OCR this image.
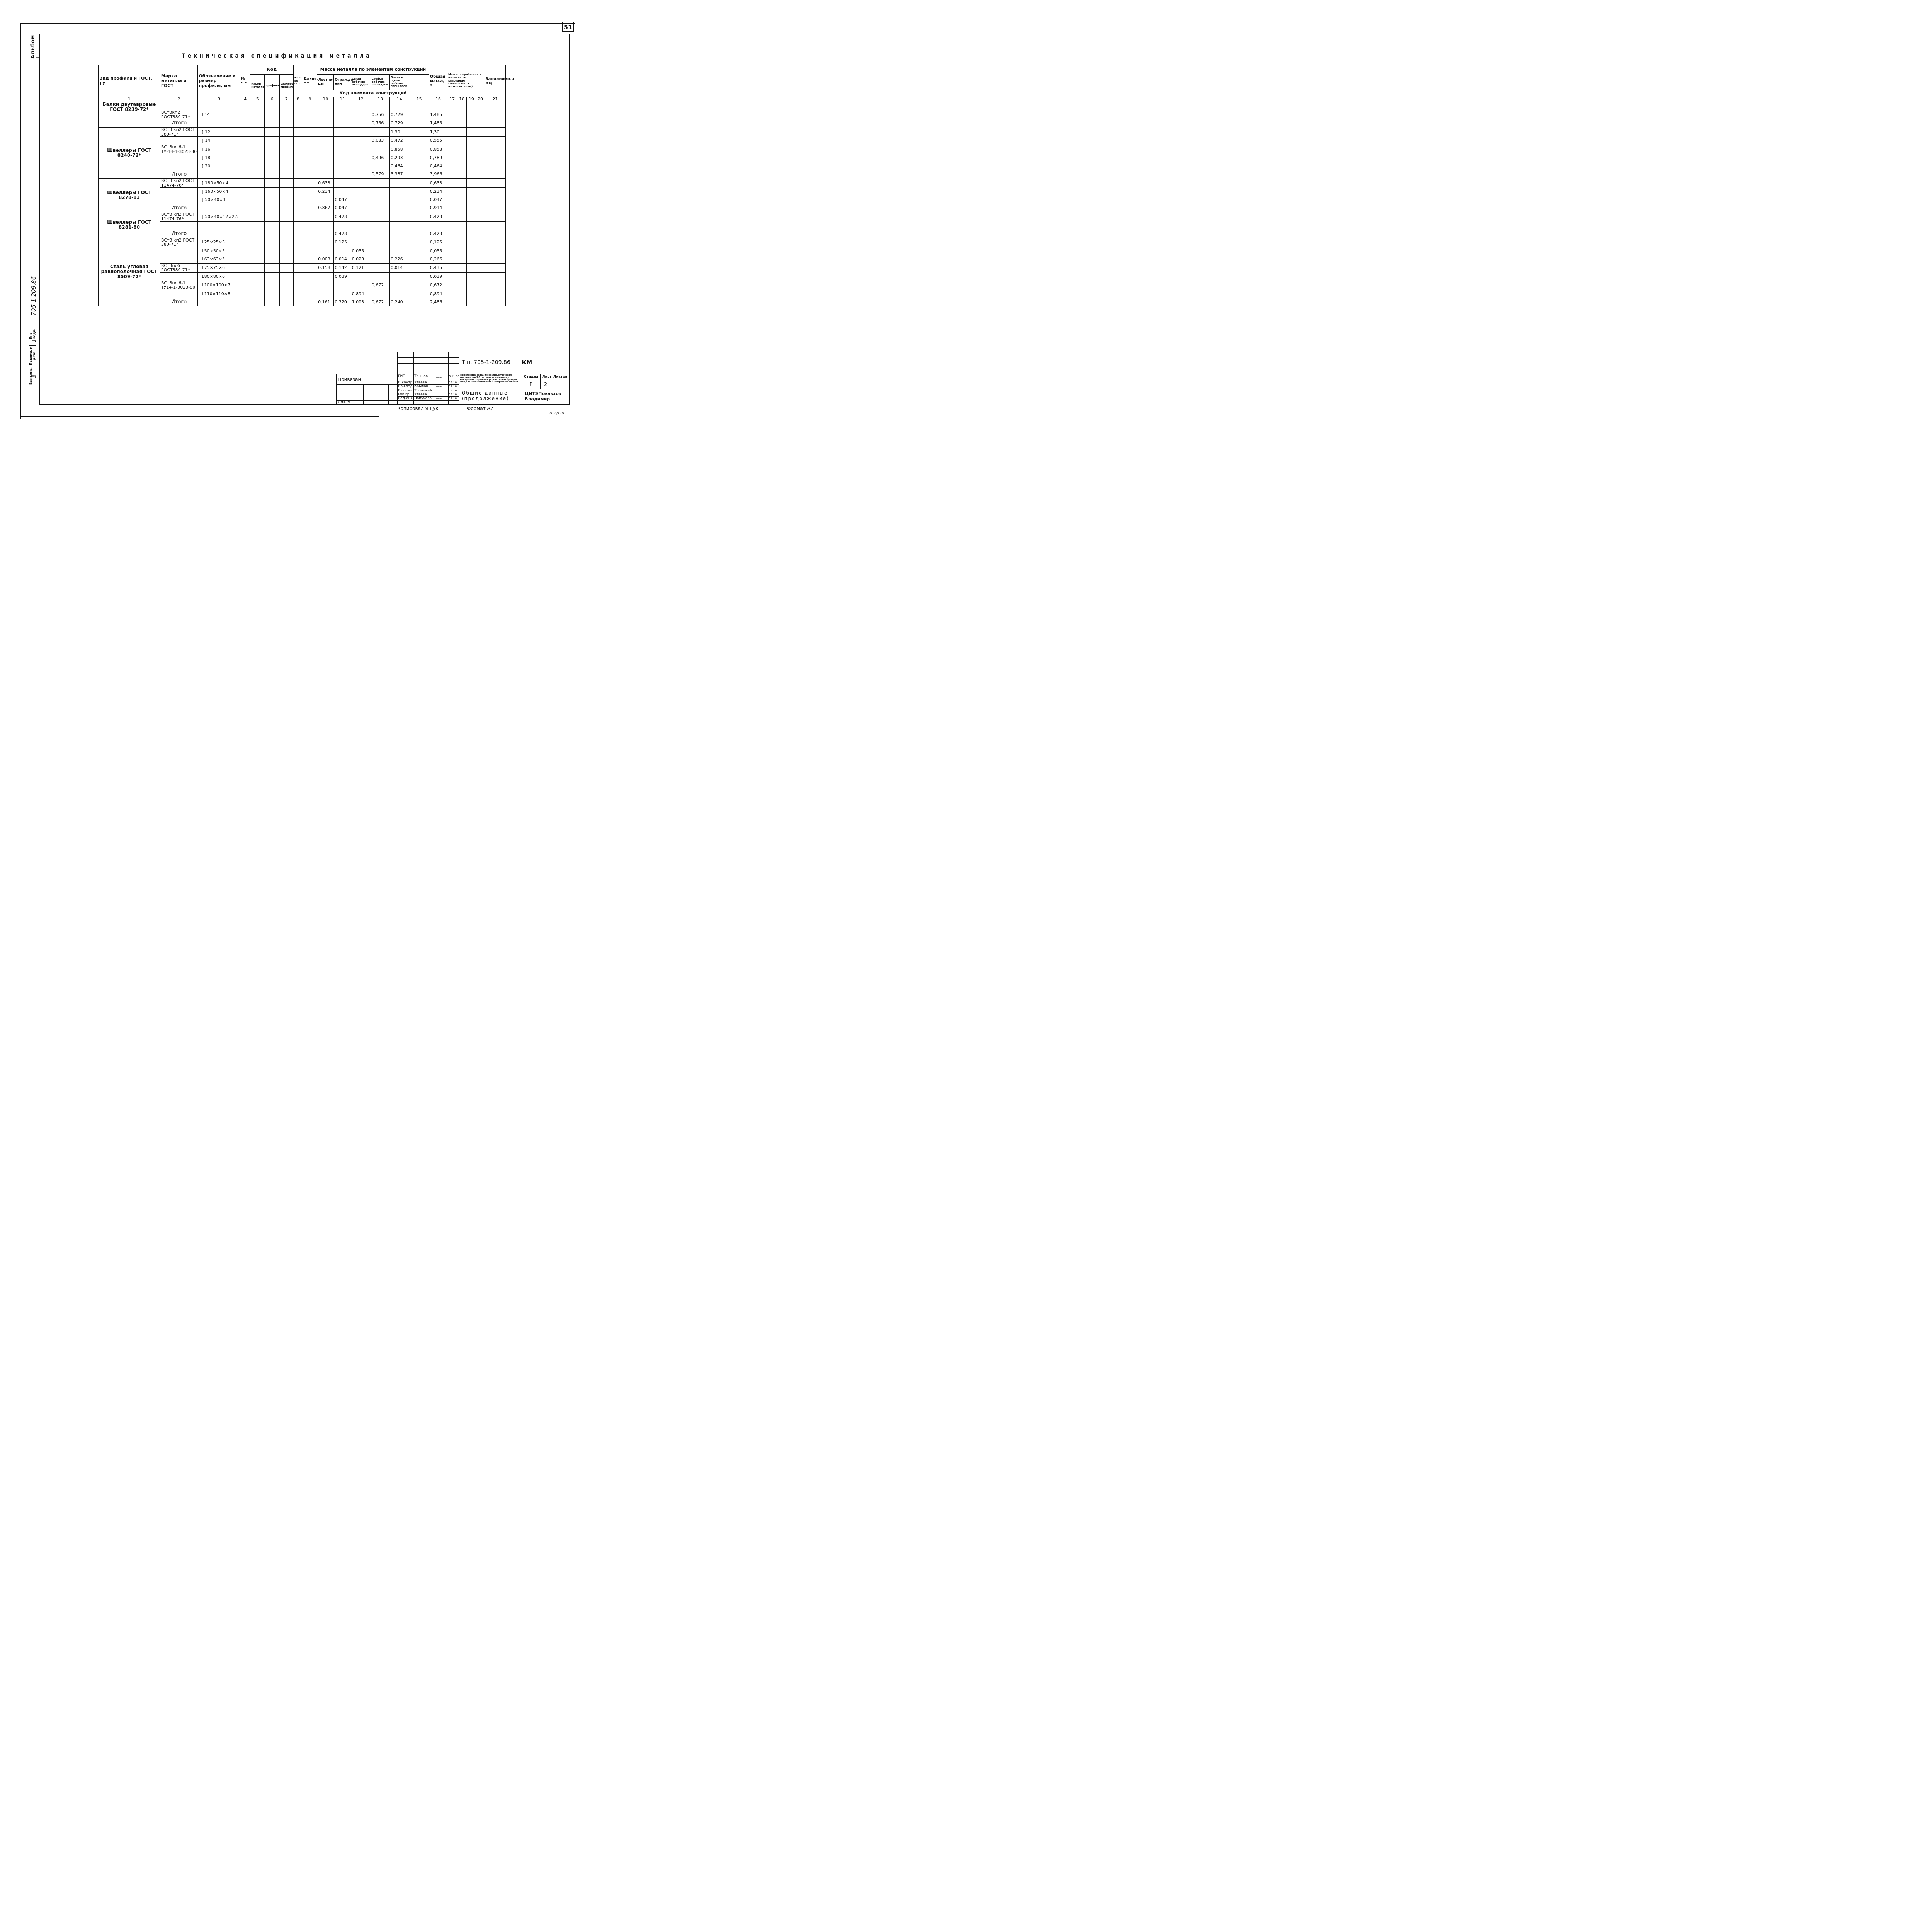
51
Альбом I
705-1-209.86
Инв.№подл.
Подпись и дата
Взам.инв.№
Техническая спецификация металла
Вид профиля и ГОСТ, ТУ	Марка металла и ГОСТ	Обозначение и размер профиля, мм	№ п.п.	Код			Кол-во шт.	Длина, мм	Масса металла по элементам конструкций						Общая масса, т	Масса потребности в металле по кварталам (заполняется изготовителем)				Заполняется ВЦ
				марки металла	профиля	размера профиля			Лестни-цы	Огражде-ния	Связи рабочих площадок	Стойки рабочих площадок	Балки и щиты рабочих площадок							
									Код элемента конструкций											
1	2	3	4	5	6	7	8	9	10	11	12	13	14	15	16	17	18	19	20	21
Балки двутавровые ГОСТ 8239-72*																				
	ВСт3кп2 ГОСТ380-71*	I 14										0,756	0,729		1,485					
	Итого											0,756	0,729		1,485					
Швеллеры ГОСТ 8240-72*	ВСт3 кп2 ГОСТ 380-71*	[ 12											1,30		1,30					
		[ 14										0,083	0,472		0,555					
	ВСт3пс 6-1 ТУ-14-1-3023-80	[ 16											0,858		0,858					
		[ 18										0,496	0,293		0,789					
		[ 20											0,464		0,464					
	Итого											0,579	3,387		3,966					
Швеллеры ГОСТ 8278-83	ВСт3 кп2 ГОСТ 11474-76*	[ 180×50×4							0,633						0,633					
		[ 160×50×4							0,234						0,234					
		[ 50×40×3								0,047					0,047					
	Итого								0,867	0,047					0,914					
Швеллеры ГОСТ 8281-80	ВСт3 кп2 ГОСТ 11474-76*	[ 50×40×12×2,5								0,423					0,423					

	Итого									0,423					0,423					
Сталь угловая равнополочная ГОСТ 8509-72*	ВСт3 кп2 ГОСТ 380-71*	L25×25×3								0,125					0,125					
		L50×50×5									0,055				0,055					
		L63×63×5							0,003	0,014	0,023		0,226		0,266					
	ВСт3пс6 ГОСТ380-71*	L75×75×6							0,158	0,142	0,121		0,014		0,435					
		L80×80×6								0,039					0,039					
	ВСт3пс 6-1 ТУ14-1-3023-80	L100×100×7										0,672			0,672					
		L110×110×8									0,894				0,894					
	Итого								0,161	0,320	1,093	0,672	0,240		2,486					
Т.п. 705-1-209.86 КМ
Привязан
Инв.№
ГИП
Н.контр.
Нач.отд.
Гл.спец.
Рук.гр.
Вед.инж.
Трынов
Утаева
Крылов
Троицкий
Утаева
Лопухова
~~
~~
~~
~~
~~
~~
5.11.86
17.10
17.10
17.10
17.10
12.10
Прирельсовый склад минеральных удобрений вместимостью 5,0 тыс. тонн из деревянных конструкций с приемным устройством из бункеров БВ-3,0 на повышенном пути с поперечным въездом
Стадия Лист Листов
Р 2
Общие данные (продолжение)
ЦИТЭПсельхоз Владимир
Копировал Ящук	Формат А2
9186/1-01
